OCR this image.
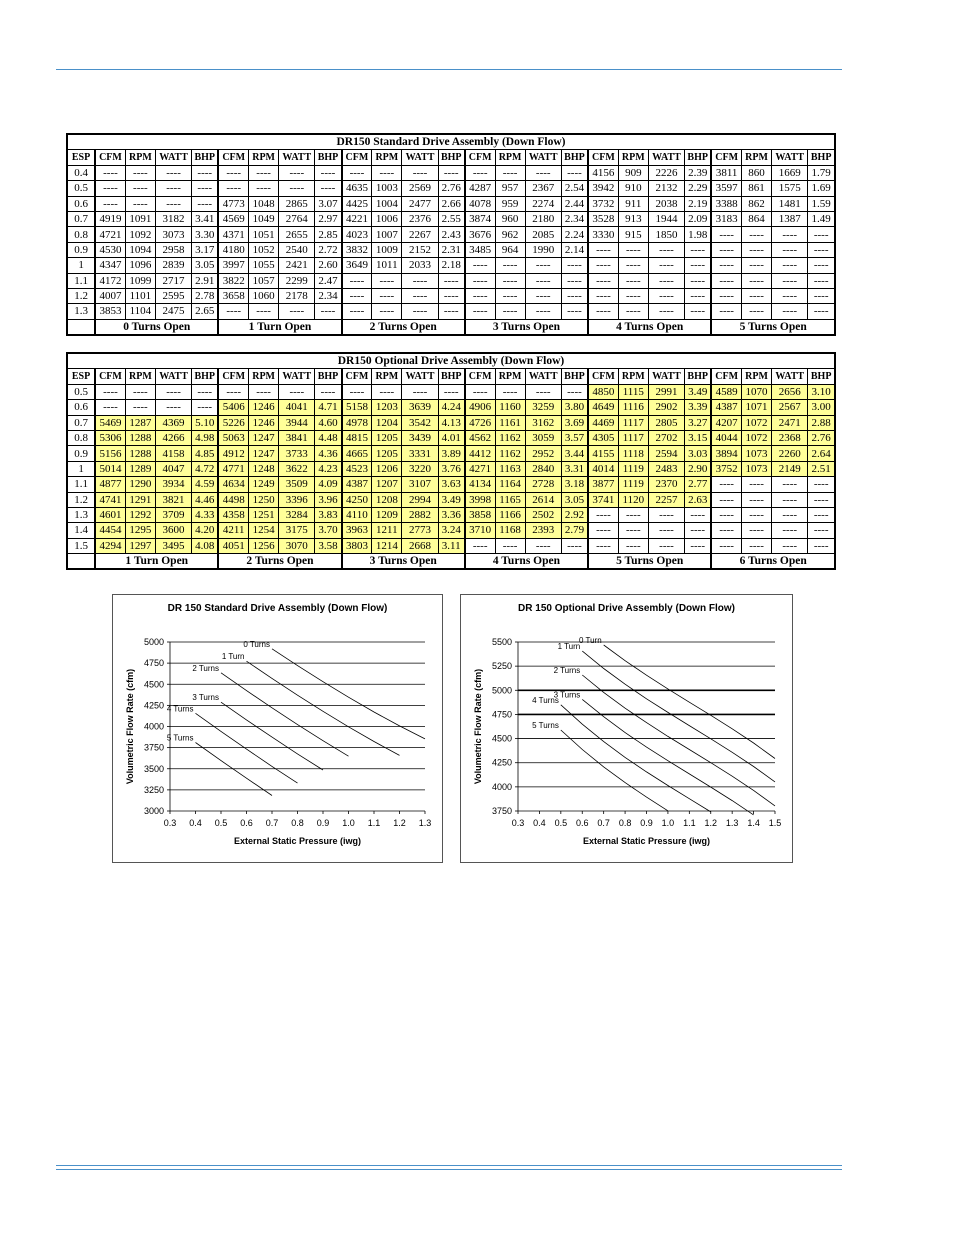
DR150 Standard Drive Assembly (Down Flow)																								
ESP	CFM	RPM	WATT	BHP	CFM	RPM	WATT	BHP	CFM	RPM	WATT	BHP	CFM	RPM	WATT	BHP	CFM	RPM	WATT	BHP	CFM	RPM	WATT	BHP
0.4	----	----	----	----	----	----	----	----	----	----	----	----	----	----	----	----	4156	909	2226	2.39	3811	860	1669	1.79
0.5	----	----	----	----	----	----	----	----	4635	1003	2569	2.76	4287	957	2367	2.54	3942	910	2132	2.29	3597	861	1575	1.69
0.6	----	----	----	----	4773	1048	2865	3.07	4425	1004	2477	2.66	4078	959	2274	2.44	3732	911	2038	2.19	3388	862	1481	1.59
0.7	4919	1091	3182	3.41	4569	1049	2764	2.97	4221	1006	2376	2.55	3874	960	2180	2.34	3528	913	1944	2.09	3183	864	1387	1.49
0.8	4721	1092	3073	3.30	4371	1051	2655	2.85	4023	1007	2267	2.43	3676	962	2085	2.24	3330	915	1850	1.98	----	----	----	----
0.9	4530	1094	2958	3.17	4180	1052	2540	2.72	3832	1009	2152	2.31	3485	964	1990	2.14	----	----	----	----	----	----	----	----
1	4347	1096	2839	3.05	3997	1055	2421	2.60	3649	1011	2033	2.18	----	----	----	----	----	----	----	----	----	----	----	----
1.1	4172	1099	2717	2.91	3822	1057	2299	2.47	----	----	----	----	----	----	----	----	----	----	----	----	----	----	----	----
1.2	4007	1101	2595	2.78	3658	1060	2178	2.34	----	----	----	----	----	----	----	----	----	----	----	----	----	----	----	----
1.3	3853	1104	2475	2.65	----	----	----	----	----	----	----	----	----	----	----	----	----	----	----	----	----	----	----	----
	0 Turns Open				1 Turn Open				2 Turns Open				3 Turns Open				4 Turns Open				5 Turns Open			
DR150 Optional Drive Assembly (Down Flow)																								
ESP	CFM	RPM	WATT	BHP	CFM	RPM	WATT	BHP	CFM	RPM	WATT	BHP	CFM	RPM	WATT	BHP	CFM	RPM	WATT	BHP	CFM	RPM	WATT	BHP
0.5	----	----	----	----	----	----	----	----	----	----	----	----	----	----	----	----	4850	1115	2991	3.49	4589	1070	2656	3.10
0.6	----	----	----	----	5406	1246	4041	4.71	5158	1203	3639	4.24	4906	1160	3259	3.80	4649	1116	2902	3.39	4387	1071	2567	3.00
0.7	5469	1287	4369	5.10	5226	1246	3944	4.60	4978	1204	3542	4.13	4726	1161	3162	3.69	4469	1117	2805	3.27	4207	1072	2471	2.88
0.8	5306	1288	4266	4.98	5063	1247	3841	4.48	4815	1205	3439	4.01	4562	1162	3059	3.57	4305	1117	2702	3.15	4044	1072	2368	2.76
0.9	5156	1288	4158	4.85	4912	1247	3733	4.36	4665	1205	3331	3.89	4412	1162	2952	3.44	4155	1118	2594	3.03	3894	1073	2260	2.64
1	5014	1289	4047	4.72	4771	1248	3622	4.23	4523	1206	3220	3.76	4271	1163	2840	3.31	4014	1119	2483	2.90	3752	1073	2149	2.51
1.1	4877	1290	3934	4.59	4634	1249	3509	4.09	4387	1207	3107	3.63	4134	1164	2728	3.18	3877	1119	2370	2.77	----	----	----	----
1.2	4741	1291	3821	4.46	4498	1250	3396	3.96	4250	1208	2994	3.49	3998	1165	2614	3.05	3741	1120	2257	2.63	----	----	----	----
1.3	4601	1292	3709	4.33	4358	1251	3284	3.83	4110	1209	2882	3.36	3858	1166	2502	2.92	----	----	----	----	----	----	----	----
1.4	4454	1295	3600	4.20	4211	1254	3175	3.70	3963	1211	2773	3.24	3710	1168	2393	2.79	----	----	----	----	----	----	----	----
1.5	4294	1297	3495	4.08	4051	1256	3070	3.58	3803	1214	2668	3.11	----	----	----	----	----	----	----	----	----	----	----	----
	1 Turn Open				2 Turns Open				3 Turns Open				4 Turns Open				5 Turns Open				6 Turns Open			
DR 150 Standard Drive Assembly (Down Flow)
3000
3250
3500
3750
4000
4250
4500
4750
5000
0.3 0.4 0.5 0.6 0.7 0.8 0.9 1.0 1.1 1.2 1.3
External Static Pressure (iwg)
Volumetric Flow Rate (cfm)
0 Turns
1 Turn
2 Turns
3 Turns
4 Turns
5 Turns
DR 150 Optional Drive Assembly (Down Flow)
3750
4000
4250
4500
4750
5000
5250
5500
0.3 0.4 0.5 0.6 0.7 0.8 0.9 1.0 1.1 1.2 1.3 1.4 1.5
External Static Pressure (iwg)
Volumetric Flow Rate (cfm)
0 Turn
1 Turn
2 Turns
3 Turns
4 Turns
5 Turns
